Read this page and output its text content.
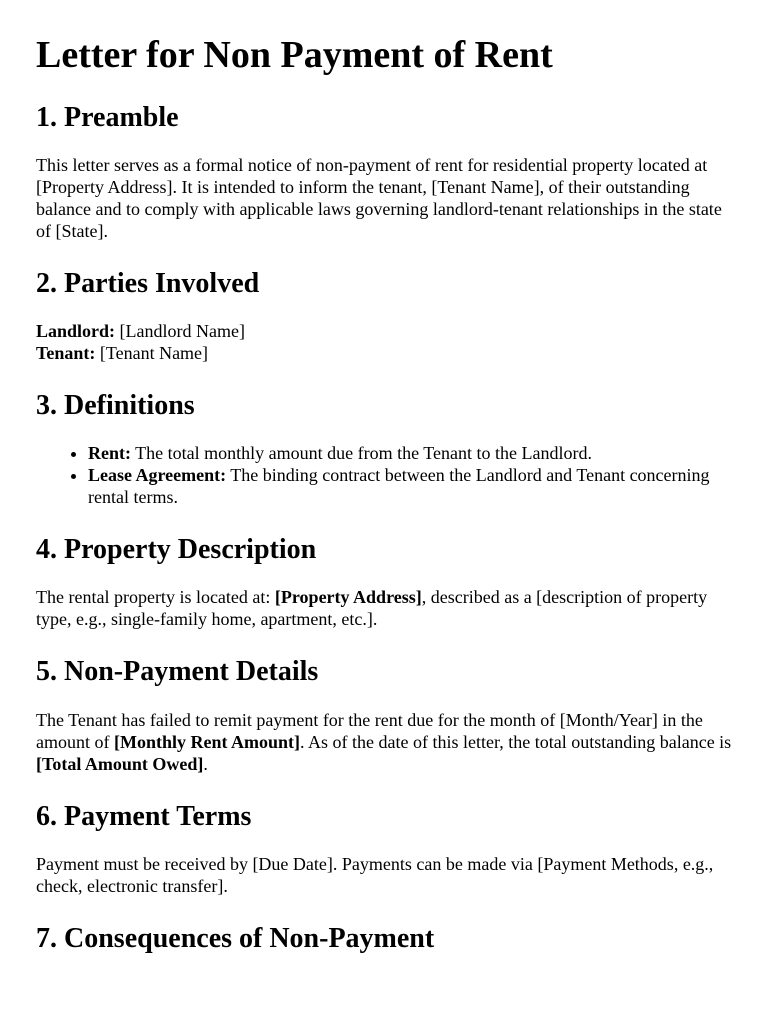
Letter for Non Payment of Rent
1. Preamble

This letter serves as a formal notice of non-payment of rent for residential property located at [Property Address]. It is intended to inform the tenant, [Tenant Name], of their outstanding balance and to comply with applicable laws governing landlord-tenant relationships in the state of [State].

2. Parties Involved

Landlord: [Landlord Name]
Tenant: [Tenant Name]

3. Definitions
• Rent: The total monthly amount due from the Tenant to the Landlord.
• Lease Agreement: The binding contract between the Landlord and Tenant concerning rental terms.
4. Property Description

The rental property is located at: [Property Address], described as a [description of property type, e.g., single-family home, apartment, etc.].

5. Non-Payment Details

The Tenant has failed to remit payment for the rent due for the month of [Month/Year] in the amount of [Monthly Rent Amount]. As of the date of this letter, the total outstanding balance is [Total Amount Owed].

6. Payment Terms

Payment must be received by [Due Date]. Payments can be made via [Payment Methods, e.g., check, electronic transfer].

7. Consequences of Non-Payment
